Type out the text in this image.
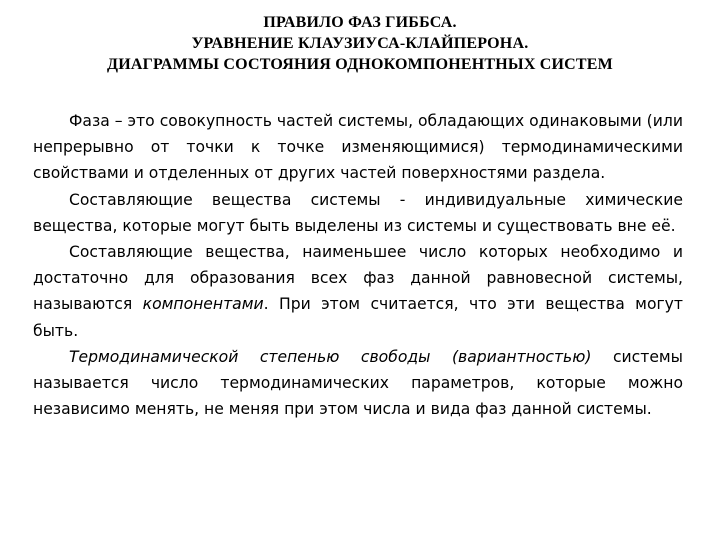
ПРАВИЛО ФАЗ ГИББСА.
УРАВНЕНИЕ КЛАУЗИУСА-КЛАЙПЕРОНА.
ДИАГРАММЫ СОСТОЯНИЯ ОДНОКОМПОНЕНТНЫХ СИСТЕМ

Фаза – это совокупность частей системы, обладающих одинаковыми (или непрерывно от точки к точке изменяющимися) термодинамическими свойствами и отделенных от других частей поверхностями раздела.

Составляющие вещества системы - индивидуальные химические вещества, которые могут быть выделены из системы и существовать вне её.

Составляющие вещества, наименьшее число которых необходимо и достаточно для образования всех фаз данной равновесной системы, называются компонентами. При этом считается, что эти вещества могут быть.

Термодинамической степенью свободы (вариантностью) системы называется число термодинамических параметров, которые можно независимо менять, не меняя при этом числа и вида фаз данной системы.
